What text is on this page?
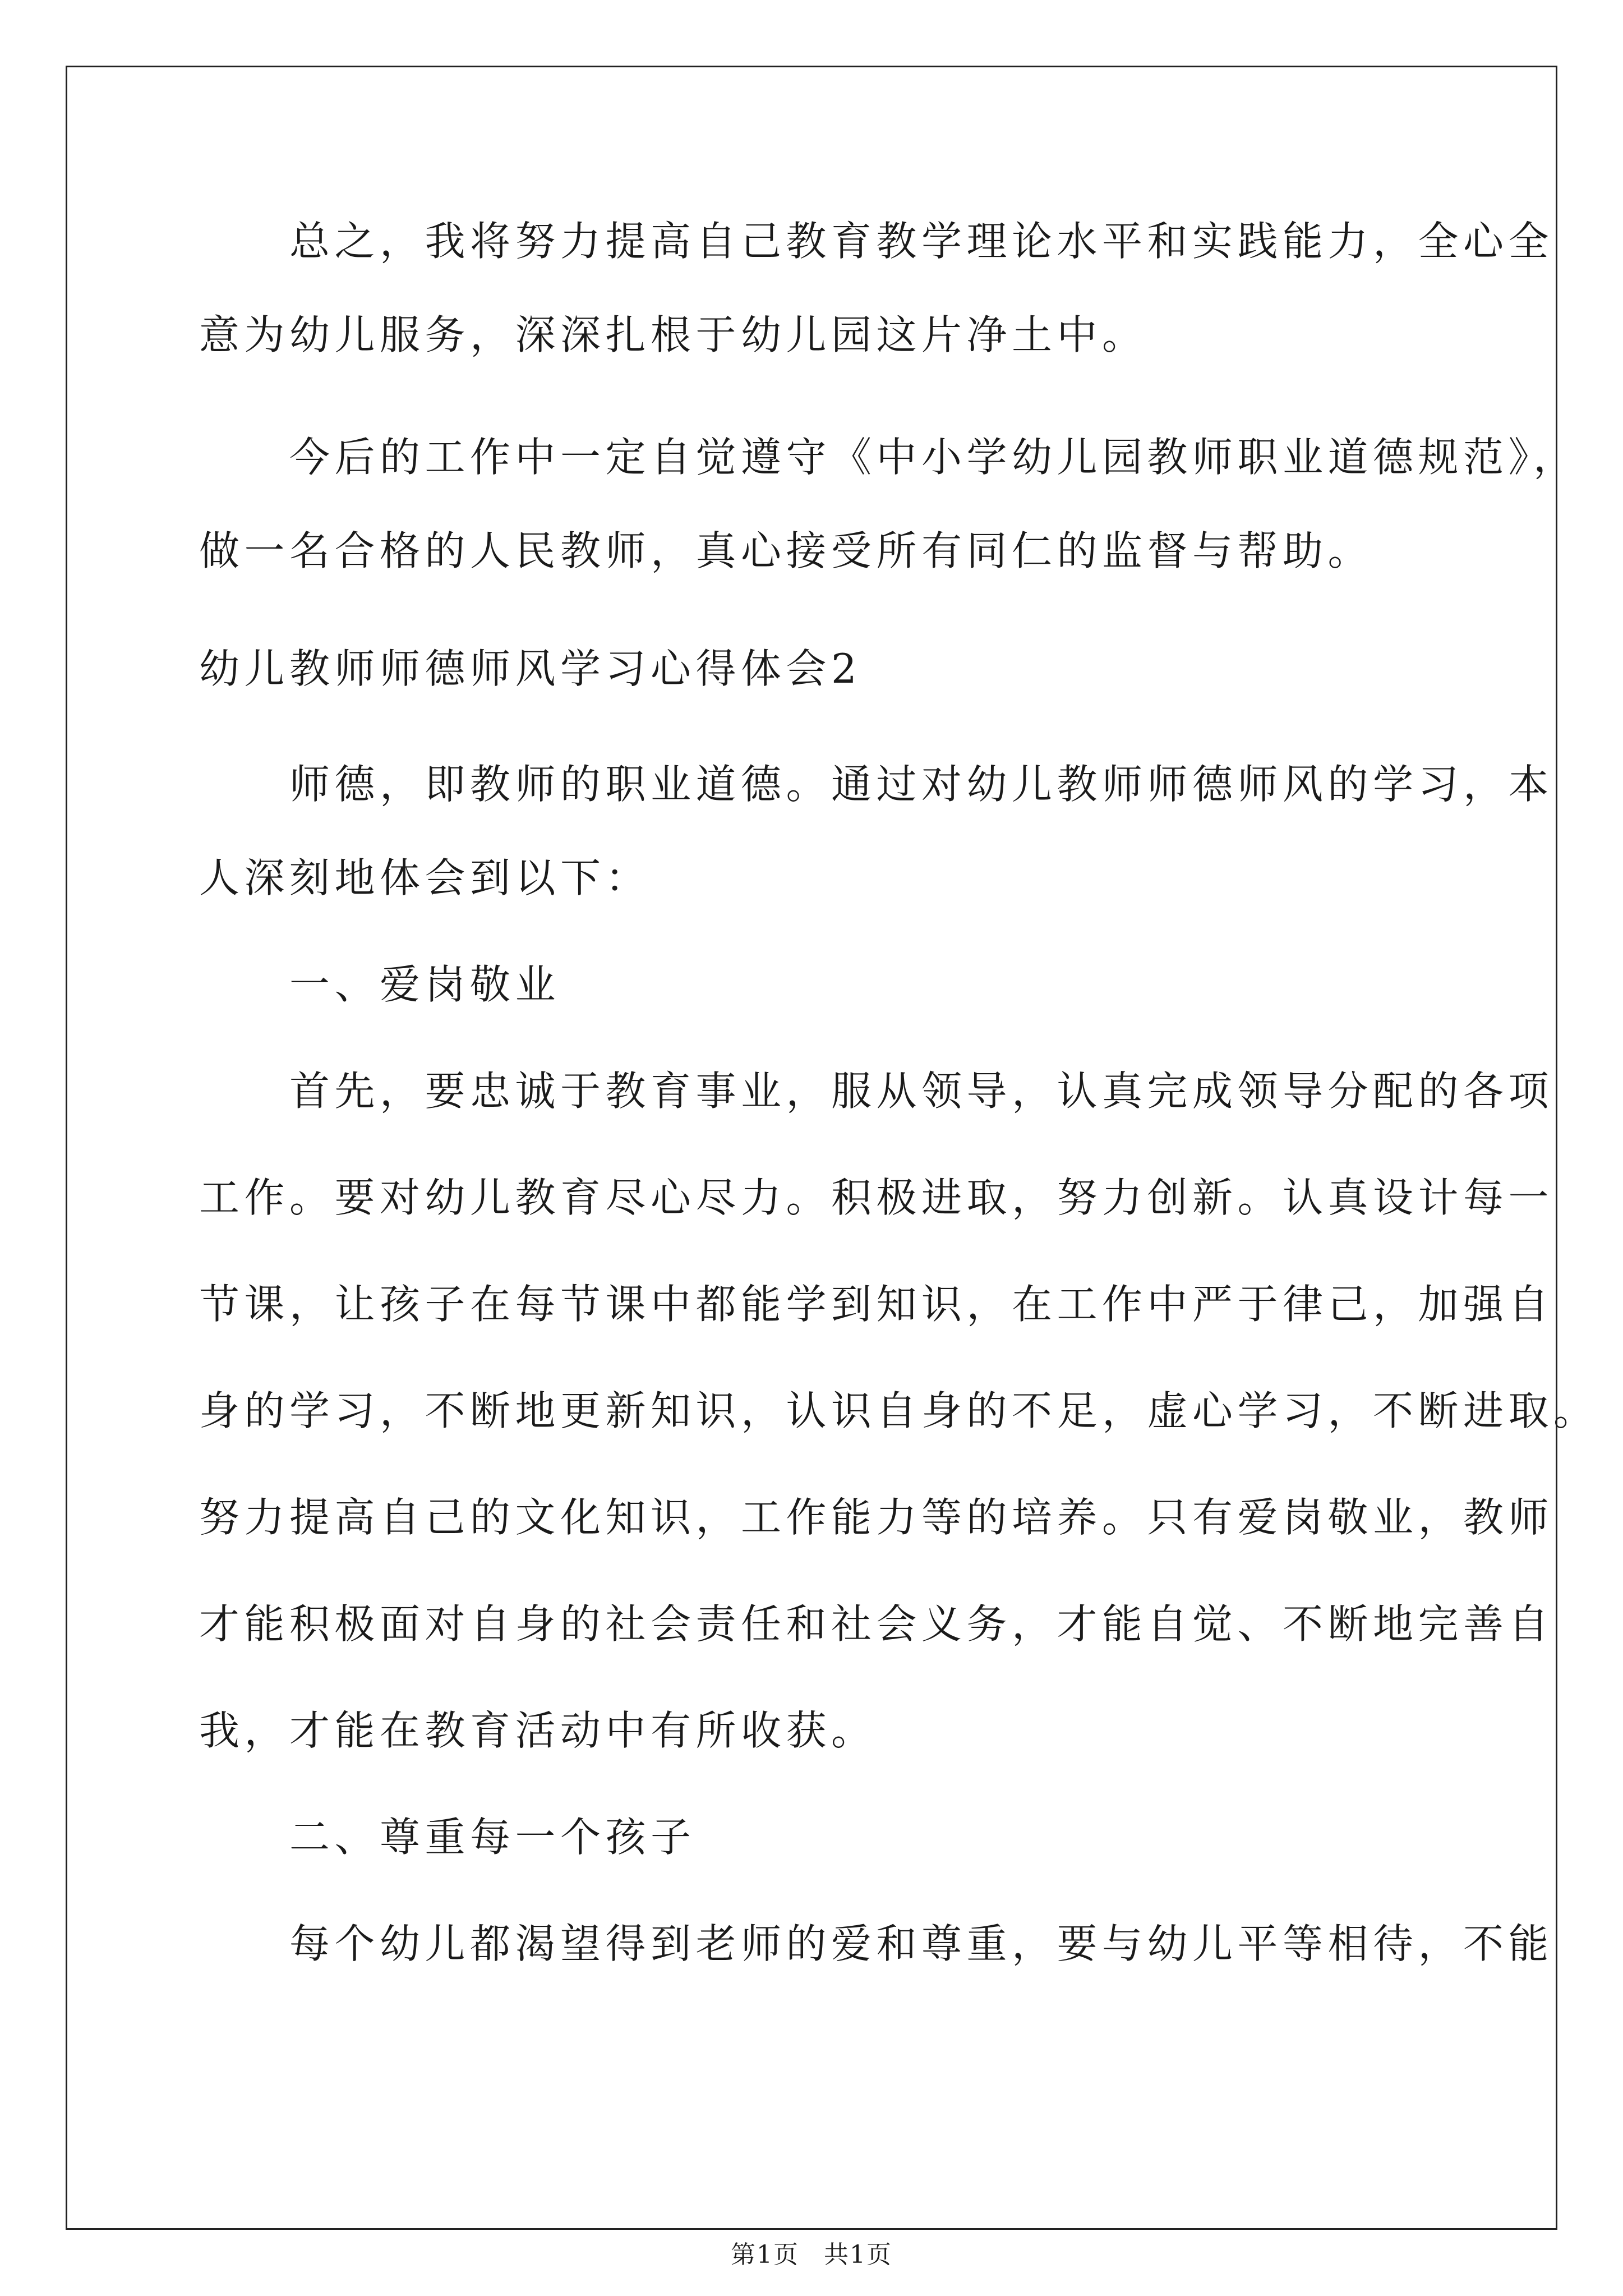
　　总之，我将努力提高自己教育教学理论水平和实践能力，全心全
意为幼儿服务，深深扎根于幼儿园这片净土中。
　　今后的工作中一定自觉遵守《中小学幼儿园教师职业道德规范》，
做一名合格的人民教师，真心接受所有同仁的监督与帮助。
幼儿教师师德师风学习心得体会2
　　师德，即教师的职业道德。通过对幼儿教师师德师风的学习，本
人深刻地体会到以下：
　　一、爱岗敬业
　　首先，要忠诚于教育事业，服从领导，认真完成领导分配的各项
工作。要对幼儿教育尽心尽力。积极进取，努力创新。认真设计每一
节课，让孩子在每节课中都能学到知识，在工作中严于律己，加强自
身的学习，不断地更新知识，认识自身的不足，虚心学习，不断进取。
努力提高自己的文化知识，工作能力等的培养。只有爱岗敬业，教师
才能积极面对自身的社会责任和社会义务，才能自觉、不断地完善自
我，才能在教育活动中有所收获。
　　二、尊重每一个孩子
　　每个幼儿都渴望得到老师的爱和尊重，要与幼儿平等相待，不能
第1页 共1页
